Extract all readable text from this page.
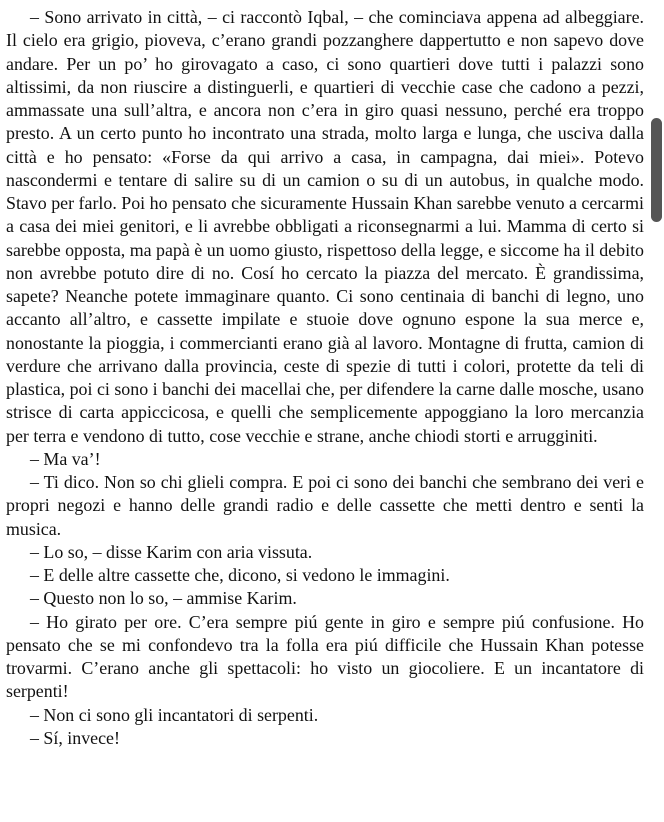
– Sono arrivato in città, – ci raccontò Iqbal, – che cominciava appena ad albeggiare. Il cielo era grigio, pioveva, c’erano grandi pozzanghere dappertutto e non sapevo dove andare. Per un po’ ho girovagato a caso, ci sono quartieri dove tutti i palazzi sono altissimi, da non riuscire a distinguerli, e quartieri di vecchie case che cadono a pezzi, ammassate una sull’altra, e ancora non c’era in giro quasi nessuno, perché era troppo presto. A un certo punto ho incontrato una strada, molto larga e lunga, che usciva dalla città e ho pensato: «Forse da qui arrivo a casa, in campagna, dai miei». Potevo nascondermi e tentare di salire su di un camion o su di un autobus, in qualche modo. Stavo per farlo. Poi ho pensato che sicuramente Hussain Khan sarebbe venuto a cercarmi a casa dei miei genitori, e li avrebbe obbligati a riconsegnarmi a lui. Mamma di certo si sarebbe opposta, ma papà è un uomo giusto, rispettoso della legge, e siccome ha il debito non avrebbe potuto dire di no. Cosí ho cercato la piazza del mercato. È grandissima, sapete? Neanche potete immaginare quanto. Ci sono centinaia di banchi di legno, uno accanto all’altro, e cassette impilate e stuoie dove ognuno espone la sua merce e, nonostante la pioggia, i commercianti erano già al lavoro. Montagne di frutta, camion di verdure che arrivano dalla provincia, ceste di spezie di tutti i colori, protette da teli di plastica, poi ci sono i banchi dei macellai che, per difendere la carne dalle mosche, usano strisce di carta appiccicosa, e quelli che semplicemente appoggiano la loro mercanzia per terra e vendono di tutto, cose vecchie e strane, anche chiodi storti e arrugginiti.

– Ma va’!

– Ti dico. Non so chi glieli compra. E poi ci sono dei banchi che sembrano dei veri e propri negozi e hanno delle grandi radio e delle cassette che metti dentro e senti la musica.

– Lo so, – disse Karim con aria vissuta.

– E delle altre cassette che, dicono, si vedono le immagini.

– Questo non lo so, – ammise Karim.

– Ho girato per ore. C’era sempre piú gente in giro e sempre piú confusione. Ho pensato che se mi confondevo tra la folla era piú difficile che Hussain Khan potesse trovarmi. C’erano anche gli spettacoli: ho visto un giocoliere. E un incantatore di serpenti!

– Non ci sono gli incantatori di serpenti.

– Sí, invece!
